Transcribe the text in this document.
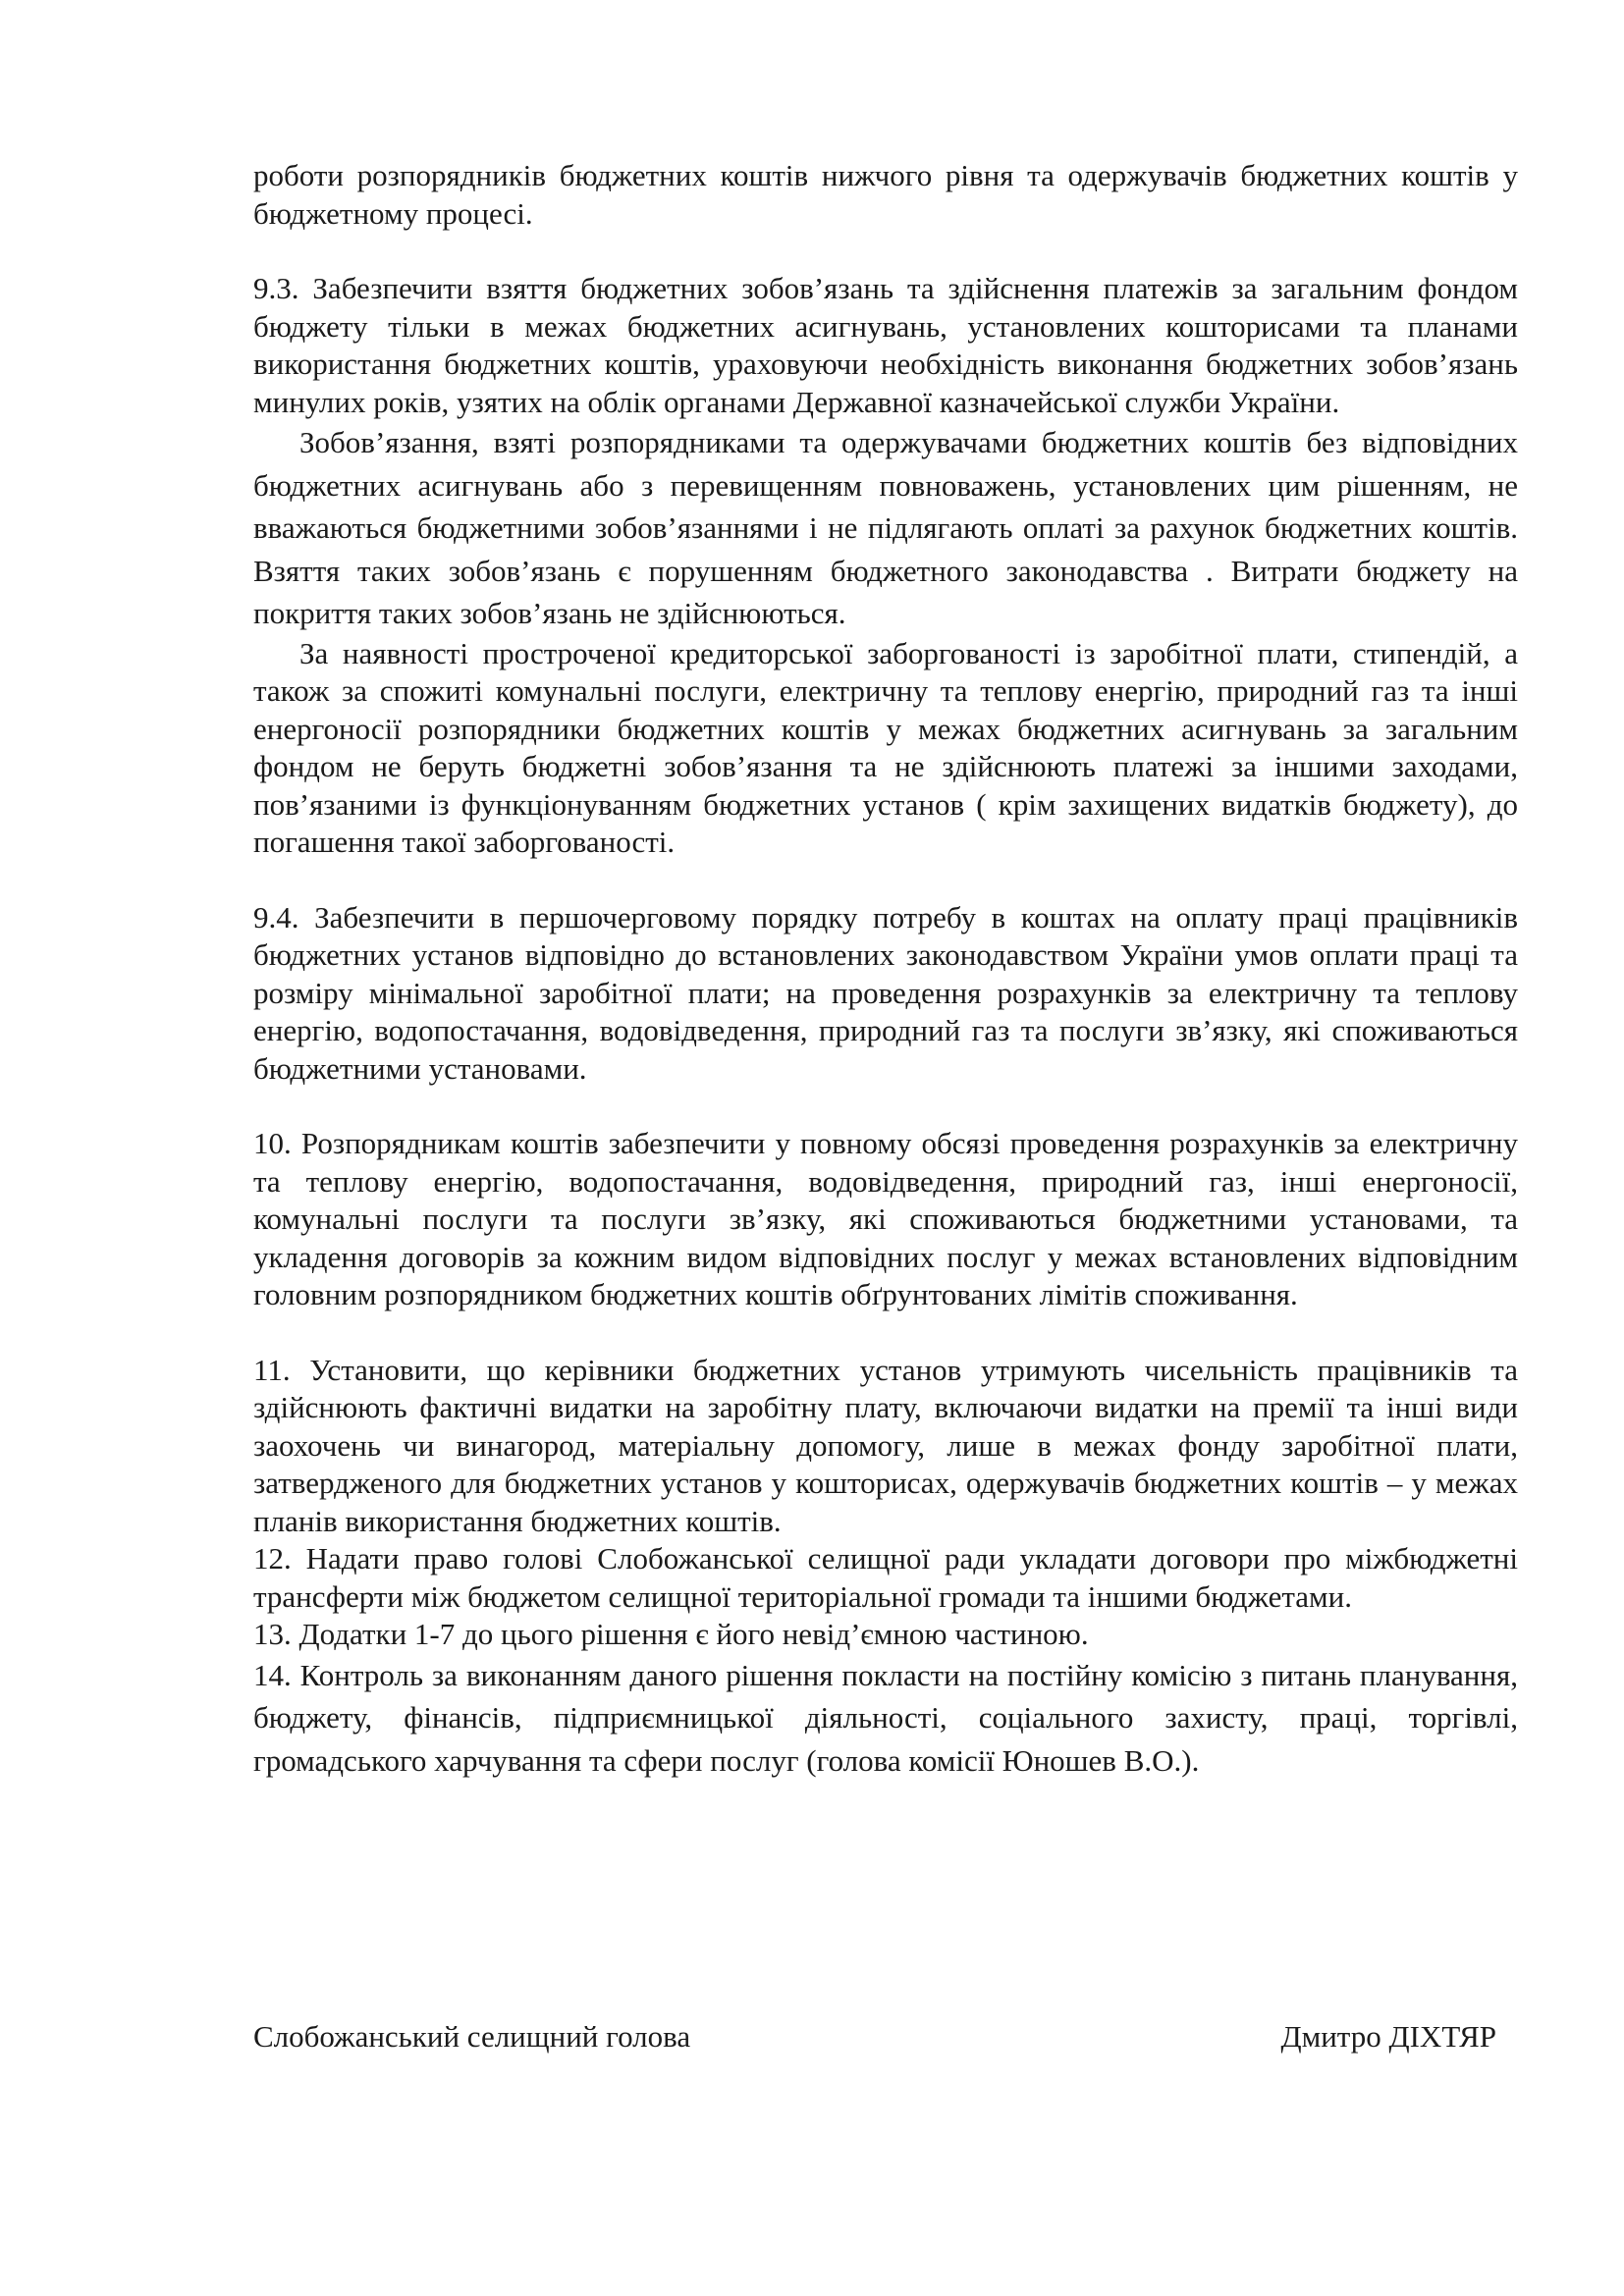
роботи розпорядників бюджетних коштів нижчого рівня та одержувачів бюджетних коштів у бюджетному процесі.

9.3. Забезпечити взяття бюджетних зобов’язань та здійснення платежів за загальним фондом бюджету тільки в межах бюджетних асигнувань, установлених кошторисами та планами використання бюджетних коштів, ураховуючи необхідність виконання бюджетних зобов’язань минулих років, узятих на облік органами Державної казначейської служби України.

Зобов’язання, взяті розпорядниками та одержувачами бюджетних коштів без відповідних бюджетних асигнувань або з перевищенням повноважень, установлених цим рішенням, не вважаються бюджетними зобов’язаннями і не підлягають оплаті за рахунок бюджетних коштів. Взяття таких зобов’язань є порушенням бюджетного законодавства . Витрати бюджету на покриття таких зобов’язань не здійснюються.

За наявності простроченої кредиторської заборгованості із заробітної плати, стипендій, а також за спожиті комунальні послуги, електричну та теплову енергію, природний газ та інші енергоносії розпорядники бюджетних коштів у межах бюджетних асигнувань за загальним фондом не беруть бюджетні зобов’язання та не здійснюють платежі за іншими заходами, пов’язаними із функціонуванням бюджетних установ ( крім захищених видатків бюджету), до погашення такої заборгованості.

9.4. Забезпечити в першочерговому порядку потребу в коштах на оплату праці працівників бюджетних установ відповідно до встановлених законодавством України умов оплати праці та розміру мінімальної заробітної плати; на проведення розрахунків за електричну та теплову енергію, водопостачання, водовідведення, природний газ та послуги зв’язку, які споживаються бюджетними установами.

10. Розпорядникам коштів забезпечити у повному обсязі проведення розрахунків за електричну та теплову енергію, водопостачання, водовідведення, природний газ, інші енергоносії, комунальні послуги та послуги зв’язку, які споживаються бюджетними установами, та укладення договорів за кожним видом відповідних послуг у межах встановлених відповідним головним розпорядником бюджетних коштів обґрунтованих лімітів споживання.

11. Установити, що керівники бюджетних установ утримують чисельність працівників та здійснюють фактичні видатки на заробітну плату, включаючи видатки на премії та інші види заохочень чи винагород, матеріальну допомогу, лише в межах фонду заробітної плати, затвердженого для бюджетних установ у кошторисах, одержувачів бюджетних коштів – у межах планів використання бюджетних коштів.

12. Надати право голові Слобожанської селищної ради укладати договори про міжбюджетні трансферти між бюджетом селищної територіальної громади та іншими бюджетами.

13. Додатки 1-7 до цього рішення є його невід’ємною частиною.

14. Контроль за виконанням даного рішення покласти на постійну комісію з питань планування, бюджету, фінансів, підприємницької діяльності, соціального захисту, праці, торгівлі, громадського харчування та сфери послуг (голова комісії Юношев В.О.).

Слобожанський селищний голова	Дмитро ДІХТЯР
